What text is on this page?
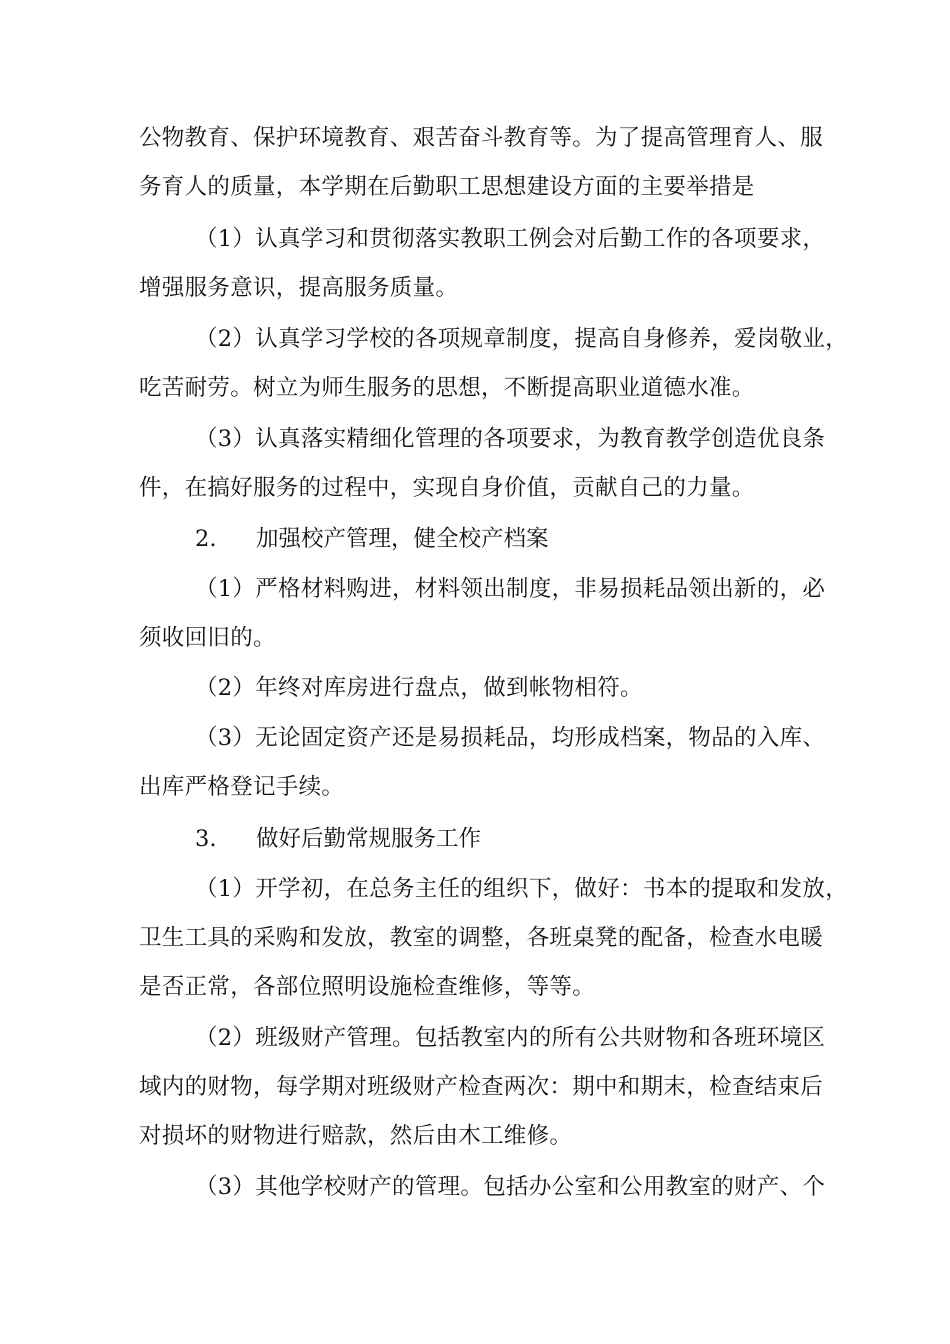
公物教育、保护环境教育、艰苦奋斗教育等。为了提高管理育人、服
务育人的质量，本学期在后勤职工思想建设方面的主要举措是
（1）认真学习和贯彻落实教职工例会对后勤工作的各项要求，
增强服务意识，提高服务质量。
（2）认真学习学校的各项规章制度，提高自身修养，爱岗敬业，
吃苦耐劳。树立为师生服务的思想，不断提高职业道德水准。
（3）认真落实精细化管理的各项要求，为教育教学创造优良条
件，在搞好服务的过程中，实现自身价值，贡献自己的力量。
2. 加强校产管理，健全校产档案
（1）严格材料购进，材料领出制度，非易损耗品领出新的，必
须收回旧的。
（2）年终对库房进行盘点，做到帐物相符。
（3）无论固定资产还是易损耗品，均形成档案，物品的入库、
出库严格登记手续。
3. 做好后勤常规服务工作
（1）开学初，在总务主任的组织下，做好：书本的提取和发放，
卫生工具的采购和发放，教室的调整，各班桌凳的配备，检查水电暖
是否正常，各部位照明设施检查维修，等等。
（2）班级财产管理。包括教室内的所有公共财物和各班环境区
域内的财物，每学期对班级财产检查两次：期中和期末，检查结束后
对损坏的财物进行赔款，然后由木工维修。
（3）其他学校财产的管理。包括办公室和公用教室的财产、个
